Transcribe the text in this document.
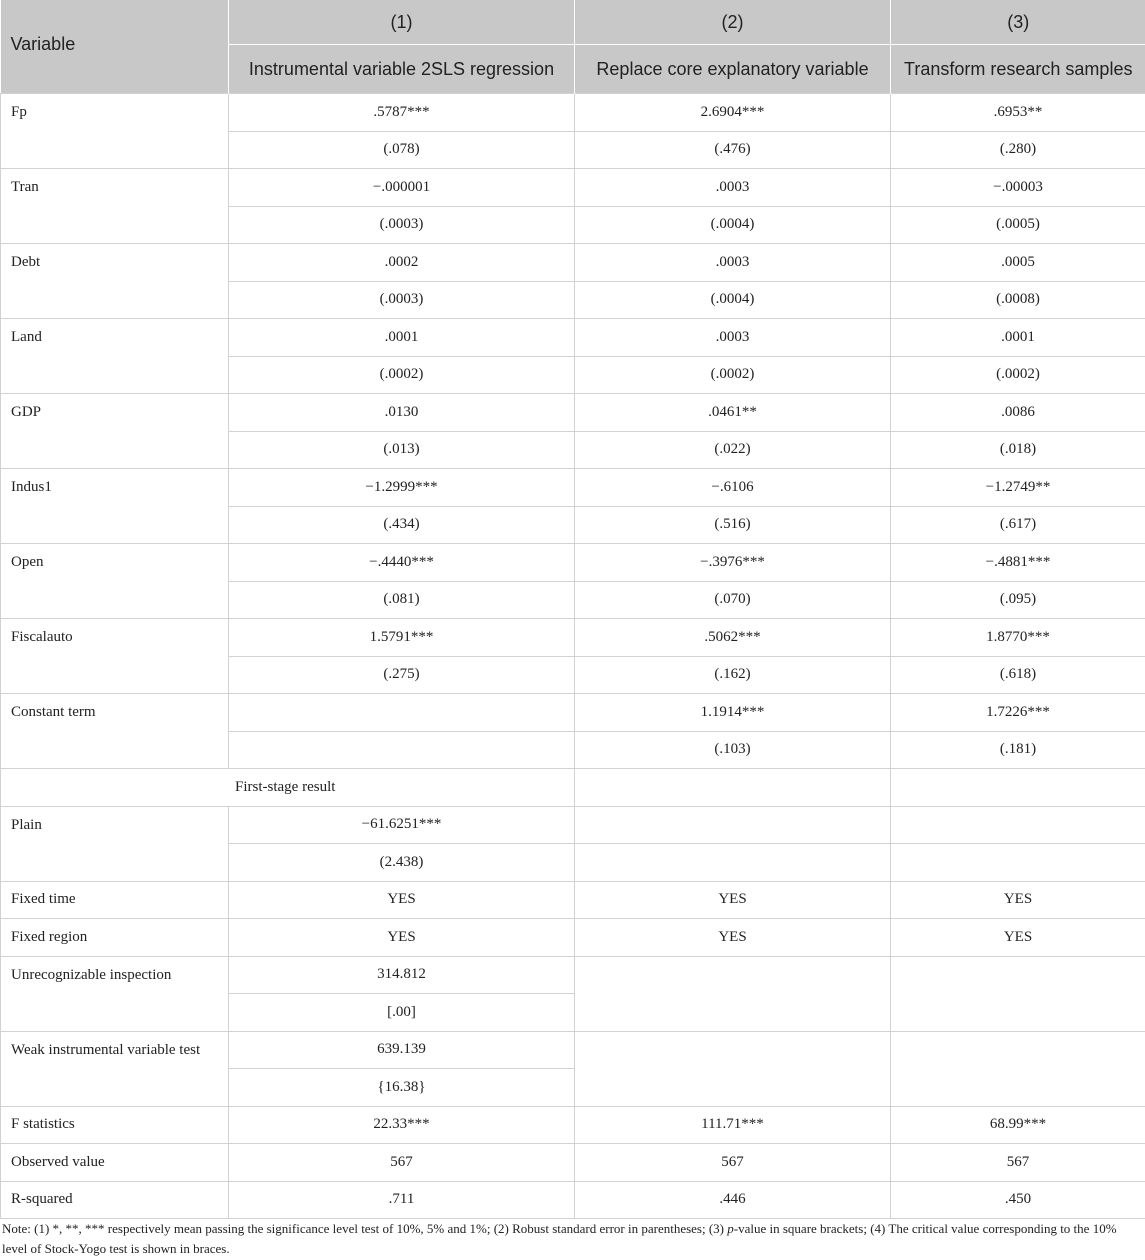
Variable	(1)	(2)	(3)
	Instrumental variable 2SLS regression	Replace core explanatory variable	Transform research samples
Fp	.5787***	2.6904***	.6953**
	(.078)	(.476)	(.280)
Tran	−.000001	.0003	−.00003
	(.0003)	(.0004)	(.0005)
Debt	.0002	.0003	.0005
	(.0003)	(.0004)	(.0008)
Land	.0001	.0003	.0001
	(.0002)	(.0002)	(.0002)
GDP	.0130	.0461**	.0086
	(.013)	(.022)	(.018)
Indus1	−1.2999***	−.6106	−1.2749**
	(.434)	(.516)	(.617)
Open	−.4440***	−.3976***	−.4881***
	(.081)	(.070)	(.095)
Fiscalauto	1.5791***	.5062***	1.8770***
	(.275)	(.162)	(.618)
Constant term		1.1914***	1.7226***
		(.103)	(.181)
First-stage result			
Plain	−61.6251***		
	(2.438)		
Fixed time	YES	YES	YES
Fixed region	YES	YES	YES
Unrecognizable inspection	314.812		
	[.00]		
Weak instrumental variable test	639.139		
	{16.38}		
F statistics	22.33***	111.71***	68.99***
Observed value	567	567	567
R-squared	.711	.446	.450
Note: (1) *, **, *** respectively mean passing the significance level test of 10%, 5% and 1%; (2) Robust standard error in parentheses; (3) p-value in square brackets; (4) The critical value corresponding to the 10% level of Stock-Yogo test is shown in braces.
